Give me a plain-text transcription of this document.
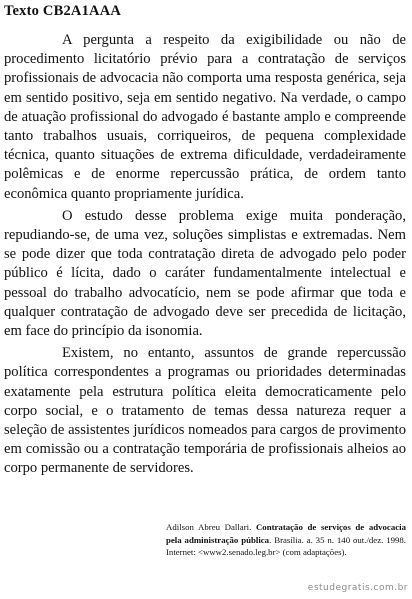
Texto CB2A1AAA

A pergunta a respeito da exigibilidade ou não de procedimento licitatório prévio para a contratação de serviços profissionais de advocacia não comporta uma resposta genérica, seja em sentido positivo, seja em sentido negativo. Na verdade, o campo de atuação profissional do advogado é bastante amplo e compreende tanto trabalhos usuais, corriqueiros, de pequena complexidade técnica, quanto situações de extrema dificuldade, verdadeiramente polêmicas e de enorme repercussão prática, de ordem tanto econômica quanto propriamente jurídica.

O estudo desse problema exige muita ponderação, repudiando-se, de uma vez, soluções simplistas e extremadas. Nem se pode dizer que toda contratação direta de advogado pelo poder público é lícita, dado o caráter fundamentalmente intelectual e pessoal do trabalho advocatício, nem se pode afirmar que toda e qualquer contratação de advogado deve ser precedida de licitação, em face do princípio da isonomia.

Existem, no entanto, assuntos de grande repercussão política correspondentes a programas ou prioridades determinadas exatamente pela estrutura política eleita democraticamente pelo corpo social, e o tratamento de temas dessa natureza requer a seleção de assistentes jurídicos nomeados para cargos de provimento em comissão ou a contratação temporária de profissionais alheios ao corpo permanente de servidores.

Adilson Abreu Dallari. Contratação de serviços de advocacia pela administração pública. Brasília. a. 35 n. 140 out./dez. 1998. Internet: <www2.senado.leg.br> (com adaptações).
estudegratis.com.br
